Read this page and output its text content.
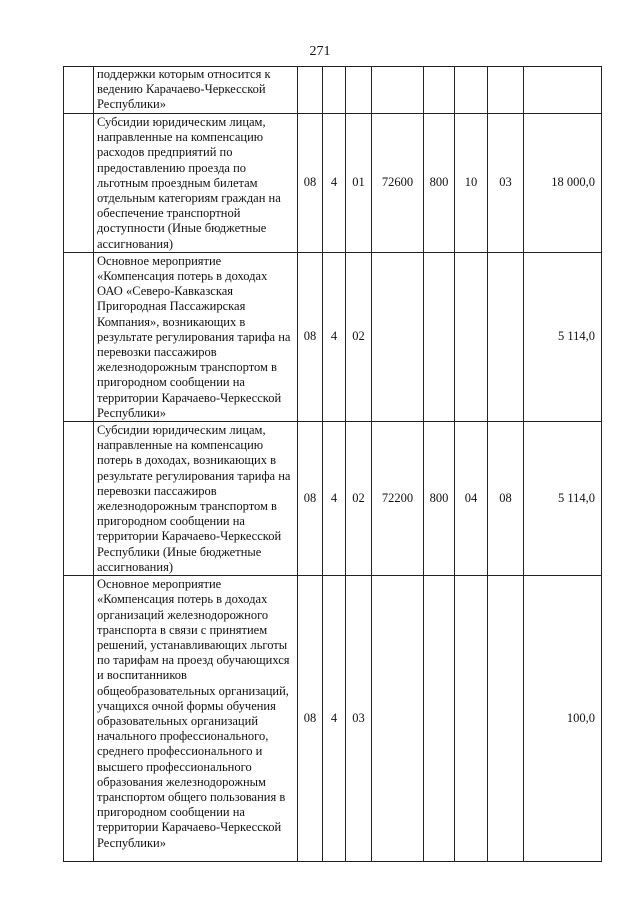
271
	поддержки которым относится к ведению Карачаево-Черкесской Республики»								
	Субсидии юридическим лицам, направленные на компенсацию расходов предприятий по предоставлению проезда по льготным проездным билетам отдельным категориям граждан на обеспечение транспортной доступности (Иные бюджетные ассигнования)	08	4	01	72600	800	10	03	18 000,0
	Основное мероприятие «Компенсация потерь в доходах ОАО «Северо-Кавказская Пригородная Пассажирская Компания», возникающих в результате регулирования тарифа на перевозки пассажиров железнодорожным транспортом в пригородном сообщении на территории Карачаево-Черкесской Республики»	08	4	02					5 114,0
	Субсидии юридическим лицам, направленные на компенсацию потерь в доходах, возникающих в результате регулирования тарифа на перевозки пассажиров железнодорожным транспортом в пригородном сообщении на территории Карачаево-Черкесской Республики (Иные бюджетные ассигнования)	08	4	02	72200	800	04	08	5 114,0
	Основное мероприятие «Компенсация потерь в доходах организаций железнодорожного транспорта в связи с принятием решений, устанавливающих льготы по тарифам на проезд обучающихся и воспитанников общеобразовательных организаций, учащихся очной формы обучения образовательных организаций начального профессионального, среднего профессионального и высшего профессионального образования железнодорожным транспортом общего пользования в пригородном сообщении на территории Карачаево-Черкесской Республики»	08	4	03					100,0
